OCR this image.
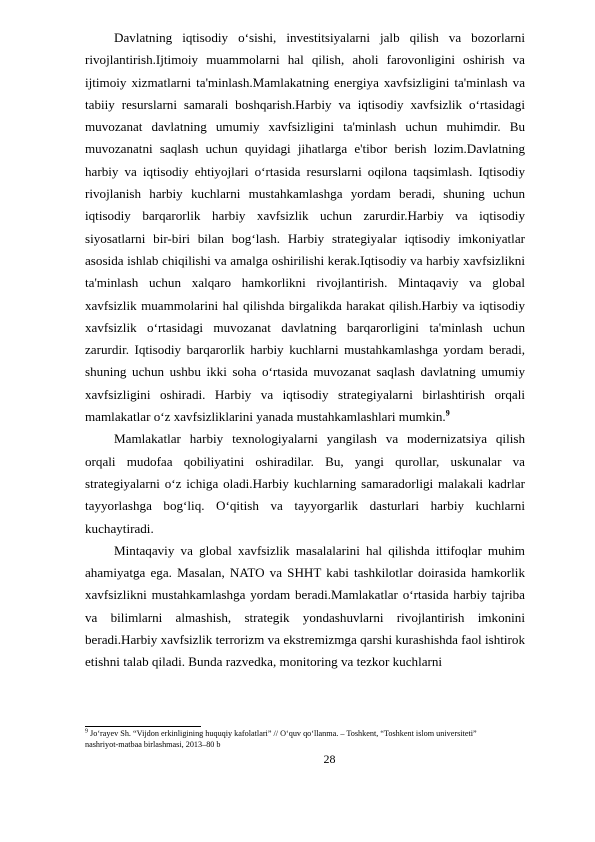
Davlatning iqtisodiy o‘sishi, investitsiyalarni jalb qilish va bozorlarni rivojlantirish.Ijtimoiy muammolarni hal qilish, aholi farovonligini oshirish va ijtimoiy xizmatlarni ta'minlash.Mamlakatning energiya xavfsizligini ta'minlash va tabiiy resurslarni samarali boshqarish.Harbiy va iqtisodiy xavfsizlik o‘rtasidagi muvozanat davlatning umumiy xavfsizligini ta'minlash uchun muhimdir. Bu muvozanatni saqlash uchun quyidagi jihatlarga e'tibor berish lozim.Davlatning harbiy va iqtisodiy ehtiyojlari o‘rtasida resurslarni oqilona taqsimlash. Iqtisodiy rivojlanish harbiy kuchlarni mustahkamlashga yordam beradi, shuning uchun iqtisodiy barqarorlik harbiy xavfsizlik uchun zarurdir.Harbiy va iqtisodiy siyosatlarni bir-biri bilan bog‘lash. Harbiy strategiyalar iqtisodiy imkoniyatlar asosida ishlab chiqilishi va amalga oshirilishi kerak.Iqtisodiy va harbiy xavfsizlikni ta'minlash uchun xalqaro hamkorlikni rivojlantirish. Mintaqaviy va global xavfsizlik muammolarini hal qilishda birgalikda harakat qilish.Harbiy va iqtisodiy xavfsizlik o‘rtasidagi muvozanat davlatning barqarorligini ta'minlash uchun zarurdir. Iqtisodiy barqarorlik harbiy kuchlarni mustahkamlashga yordam beradi, shuning uchun ushbu ikki soha o‘rtasida muvozanat saqlash davlatning umumiy xavfsizligini oshiradi. Harbiy va iqtisodiy strategiyalarni birlashtirish orqali mamlakatlar o‘z xavfsizliklarini yanada mustahkamlashlari mumkin.$^9$

Mamlakatlar harbiy texnologiyalarni yangilash va modernizatsiya qilish orqali mudofaa qobiliyatini oshiradilar. Bu, yangi qurollar, uskunalar va strategiyalarni o‘z ichiga oladi.Harbiy kuchlarning samaradorligi malakali kadrlar tayyorlashga bog‘liq. O‘qitish va tayyorgarlik dasturlari harbiy kuchlarni kuchaytiradi.

Mintaqaviy va global xavfsizlik masalalarini hal qilishda ittifoqlar muhim ahamiyatga ega. Masalan, NATO va SHHT kabi tashkilotlar doirasida hamkorlik xavfsizlikni mustahkamlashga yordam beradi.Mamlakatlar o‘rtasida harbiy tajriba va bilimlarni almashish, strategik yondashuvlarni rivojlantirish imkonini beradi.Harbiy xavfsizlik terrorizm va ekstremizmga qarshi kurashishda faol ishtirok etishni talab qiladi. Bunda razvedka, monitoring va tezkor kuchlarni

$^9$ Jo‘rayev Sh. “Vijdon erkinligining huquqiy kafolatlari” // O‘quv qo‘llanma. – Toshkent, “Toshkent islom universiteti” nashriyot-matbaa birlashmasi, 2013–80 b

28
